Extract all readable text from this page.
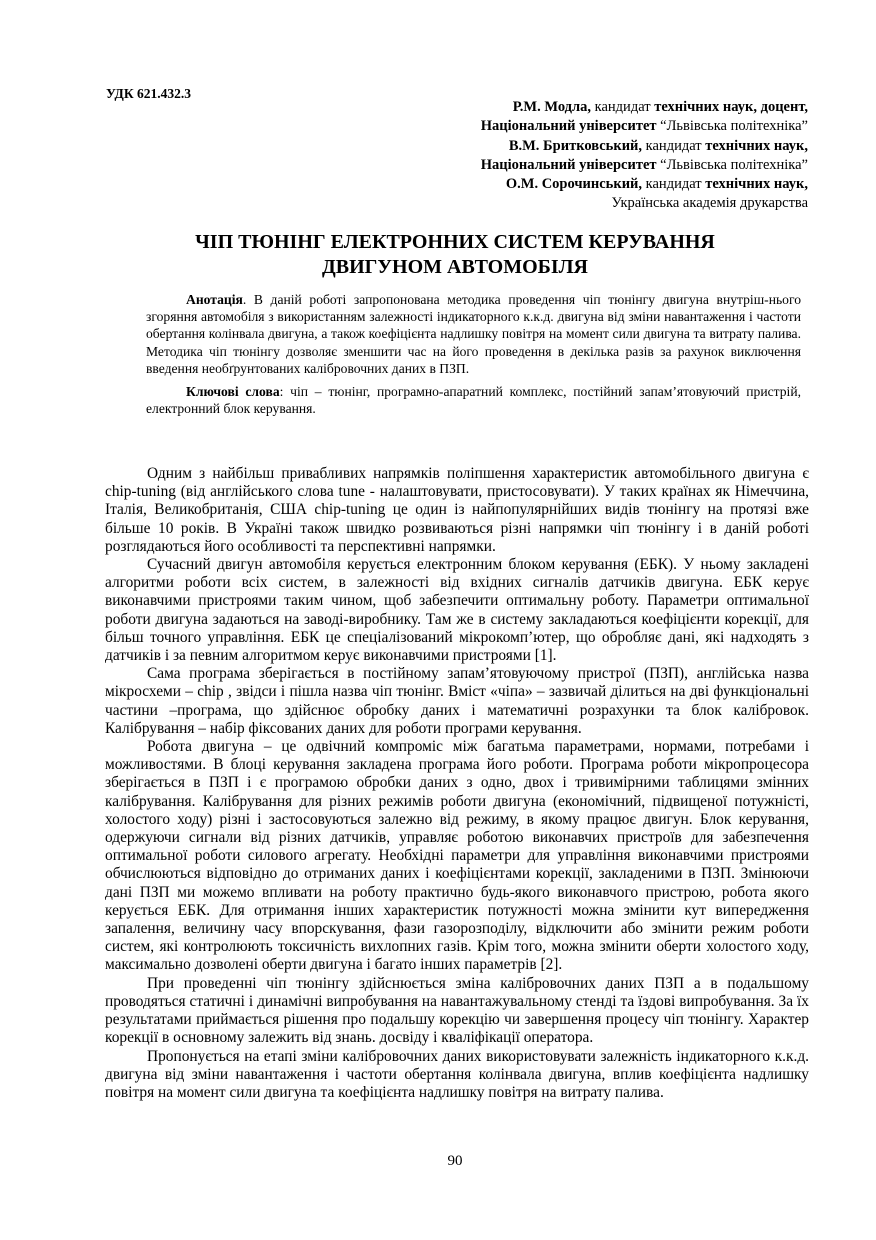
УДК 621.432.3
Р.М. Модла, кандидат технічних наук, доцент,
Національний університет “Львівська політехніка”
В.М. Бритковський, кандидат технічних наук,
Національний університет “Львівська політехніка”
О.М. Сорочинський, кандидат технічних наук,
Українська академія друкарства
ЧІП ТЮНІНГ ЕЛЕКТРОННИХ СИСТЕМ КЕРУВАННЯ
ДВИГУНОМ АВТОМОБІЛЯ

Анотація. В даній роботі запропонована методика проведення чіп тюнінгу двигуна внутріш-нього згоряння автомобіля з використанням залежності індикаторного к.к.д. двигуна від зміни навантаження і частоти обертання колінвала двигуна, а також коефіцієнта надлишку повітря на момент сили двигуна та витрату палива. Методика чіп тюнінгу дозволяє зменшити час на його проведення в декілька разів за рахунок виключення введення необґрунтованих калібровочних даних в ПЗП.

Ключові слова: чіп – тюнінг, програмно-апаратний комплекс, постійний запам’ятовуючий пристрій, електронний блок керування.

Одним з найбільш привабливих напрямків поліпшення характеристик автомобільного двигуна є chip-tuning (від англійського слова tune - налаштовувати, пристосовувати). У таких країнах як Німеччина, Італія, Великобританія, США chip-tuning це один із найпопулярнійших видів тюнінгу на протязі вже більше 10 років. В Україні також швидко розвиваються різні напрямки чіп тюнінгу і в даній роботі розглядаються його особливості та перспективні напрямки.

Сучасний двигун автомобіля керується електронним блоком керування (ЕБК). У ньому закладені алгоритми роботи всіх систем, в залежності від вхідних сигналів датчиків двигуна. ЕБК керує виконавчими пристроями таким чином, щоб забезпечити оптимальну роботу. Параметри оптимальної роботи двигуна задаються на заводі-виробнику. Там же в систему закладаються коефіцієнти корекції, для більш точного управління. ЕБК це спеціалізований мікрокомп’ютер, що обробляє дані, які надходять з датчиків і за певним алгоритмом керує виконавчими пристроями [1].

Сама програма зберігається в постійному запам’ятовуючому пристрої (ПЗП), англійська назва мікросхеми – chip , звідси і пішла назва чіп тюнінг. Вміст «чіпа» – зазвичай ділиться на дві функціональні частини –програма, що здійснює обробку даних і математичні розрахунки та блок калібровок. Калібрування – набір фіксованих даних для роботи програми керування.

Робота двигуна – це одвічний компроміс між багатьма параметрами, нормами, потребами і можливостями. В блоці керування закладена програма його роботи. Програма роботи мікропроцесора зберігається в ПЗП і є програмою обробки даних з одно, двох і тривимірними таблицями змінних калібрування. Калібрування для різних режимів роботи двигуна (економічний, підвищеної потужністі, холостого ходу) різні і застосовуються залежно від режиму, в якому працює двигун. Блок керування, одержуючи сигнали від різних датчиків, управляє роботою виконавчих пристроїв для забезпечення оптимальної роботи силового агрегату. Необхідні параметри для управління виконавчими пристроями обчислюються відповідно до отриманих даних і коефіцієнтами корекції, закладеними в ПЗП. Змінюючи дані ПЗП ми можемо впливати на роботу практично будь-якого виконавчого пристрою, робота якого керується ЕБК. Для отримання інших характеристик потужності можна змінити кут випередження запалення, величину часу впорскування, фази газорозподілу, відключити або змінити режим роботи систем, які контролюють токсичність вихлопних газів. Крім того, можна змінити оберти холостого ходу, максимально дозволені оберти двигуна і багато інших параметрів [2].

При проведенні чіп тюнінгу здійснюється зміна калібровочних даних ПЗП а в подальшому проводяться статичні і динамічні випробування на навантажувальному стенді та їздові випробування. За їх результатами приймається рішення про подальшу корекцію чи завершення процесу чіп тюнінгу. Характер корекції в основному залежить від знань. досвіду і кваліфікації оператора.

Пропонується на етапі зміни калібровочних даних використовувати залежність індикаторного к.к.д. двигуна від зміни навантаження і частоти обертання колінвала двигуна, вплив коефіцієнта надлишку повітря на момент сили двигуна та коефіцієнта надлишку повітря на витрату палива.

90
